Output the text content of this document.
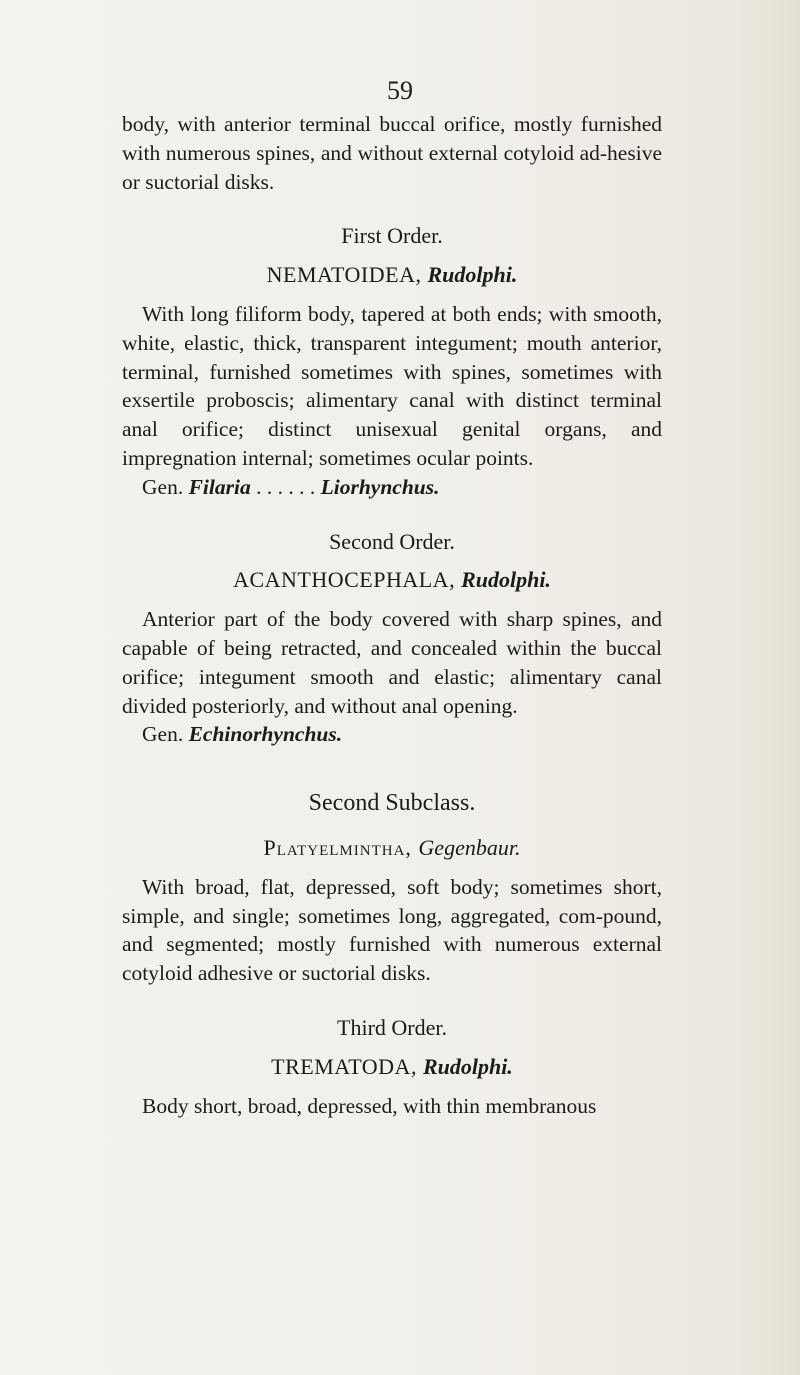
59

body, with anterior terminal buccal orifice, mostly furnished with numerous spines, and without external cotyloid ad-hesive or suctorial disks.

First Order.
NEMATOIDEA, Rudolphi.

With long filiform body, tapered at both ends; with smooth, white, elastic, thick, transparent integument; mouth anterior, terminal, furnished sometimes with spines, sometimes with exsertile proboscis; alimentary canal with distinct terminal anal orifice; distinct unisexual genital organs, and impregnation internal; sometimes ocular points.

Gen. Filaria . . . . . . Liorhynchus.

Second Order.
ACANTHOCEPHALA, Rudolphi.

Anterior part of the body covered with sharp spines, and capable of being retracted, and concealed within the buccal orifice; integument smooth and elastic; alimentary canal divided posteriorly, and without anal opening.

Gen. Echinorhynchus.

Second Subclass.
Platyelmintha, Gegenbaur.

With broad, flat, depressed, soft body; sometimes short, simple, and single; sometimes long, aggregated, com-pound, and segmented; mostly furnished with numerous external cotyloid adhesive or suctorial disks.

Third Order.
TREMATODA, Rudolphi.

Body short, broad, depressed, with thin membranous
